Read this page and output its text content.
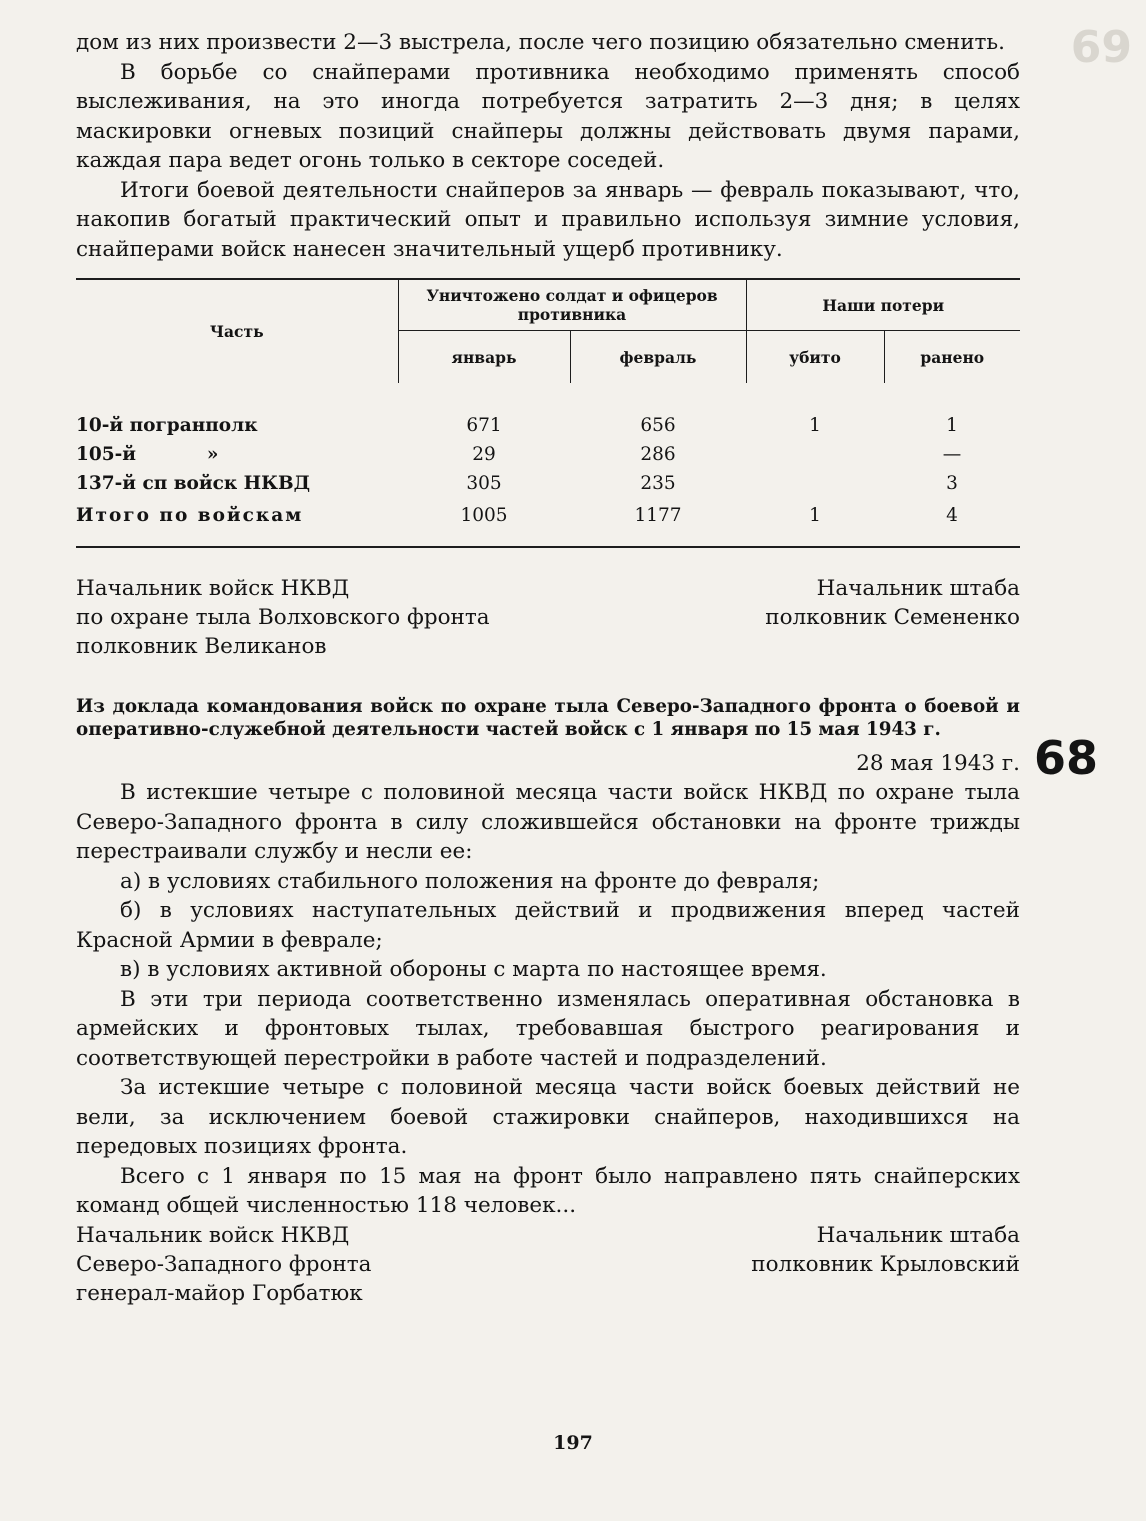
69

дом из них произвести 2—3 выстрела, после чего позицию обязательно сменить.

В борьбе со снайперами противника необходимо применять способ выслеживания, на это иногда потребуется затратить 2—3 дня; в целях маскировки огневых позиций снайперы должны действовать двумя парами, каждая пара ведет огонь только в секторе соседей.

Итоги боевой деятельности снайперов за январь — февраль показывают, что, накопив богатый практический опыт и правильно используя зимние условия, снайперами войск нанесен значительный ущерб противнику.

Часть	Уничтожено солдат и офицеров противника		Наши потери	
	январь	февраль	убито	ранено

10-й погранполк	671	656	1	1
105-й           »	29	286		—
137-й сп войск НКВД	305	235		3
Итого по войскам	1005	1177	1	4

Начальник войск НКВД
по охране тыла Волховского фронта
полковник Великанов
Начальник штаба
полковник Семененко
68
Из доклада командования войск по охране тыла Северо-Западного фронта о боевой и оперативно-служебной деятельности частей войск с 1 января по 15 мая 1943 г.
28 мая 1943 г.

В истекшие четыре с половиной месяца части войск НКВД по охране тыла Северо-Западного фронта в силу сложившейся обстановки на фронте трижды перестраивали службу и несли ее:

а) в условиях стабильного положения на фронте до февраля;

б) в условиях наступательных действий и продвижения вперед частей Красной Армии в феврале;

в) в условиях активной обороны с марта по настоящее время.

В эти три периода соответственно изменялась оперативная обстановка в армейских и фронтовых тылах, требовавшая быстрого реагирования и соответствующей перестройки в работе частей и подразделений.

За истекшие четыре с половиной месяца части войск боевых действий не вели, за исключением боевой стажировки снайперов, находившихся на передовых позициях фронта.

Всего с 1 января по 15 мая на фронт было направлено пять снайперских команд общей численностью 118 человек...

Начальник войск НКВД
Северо-Западного фронта
генерал-майор Горбатюк
Начальник штаба
полковник Крыловский
197
